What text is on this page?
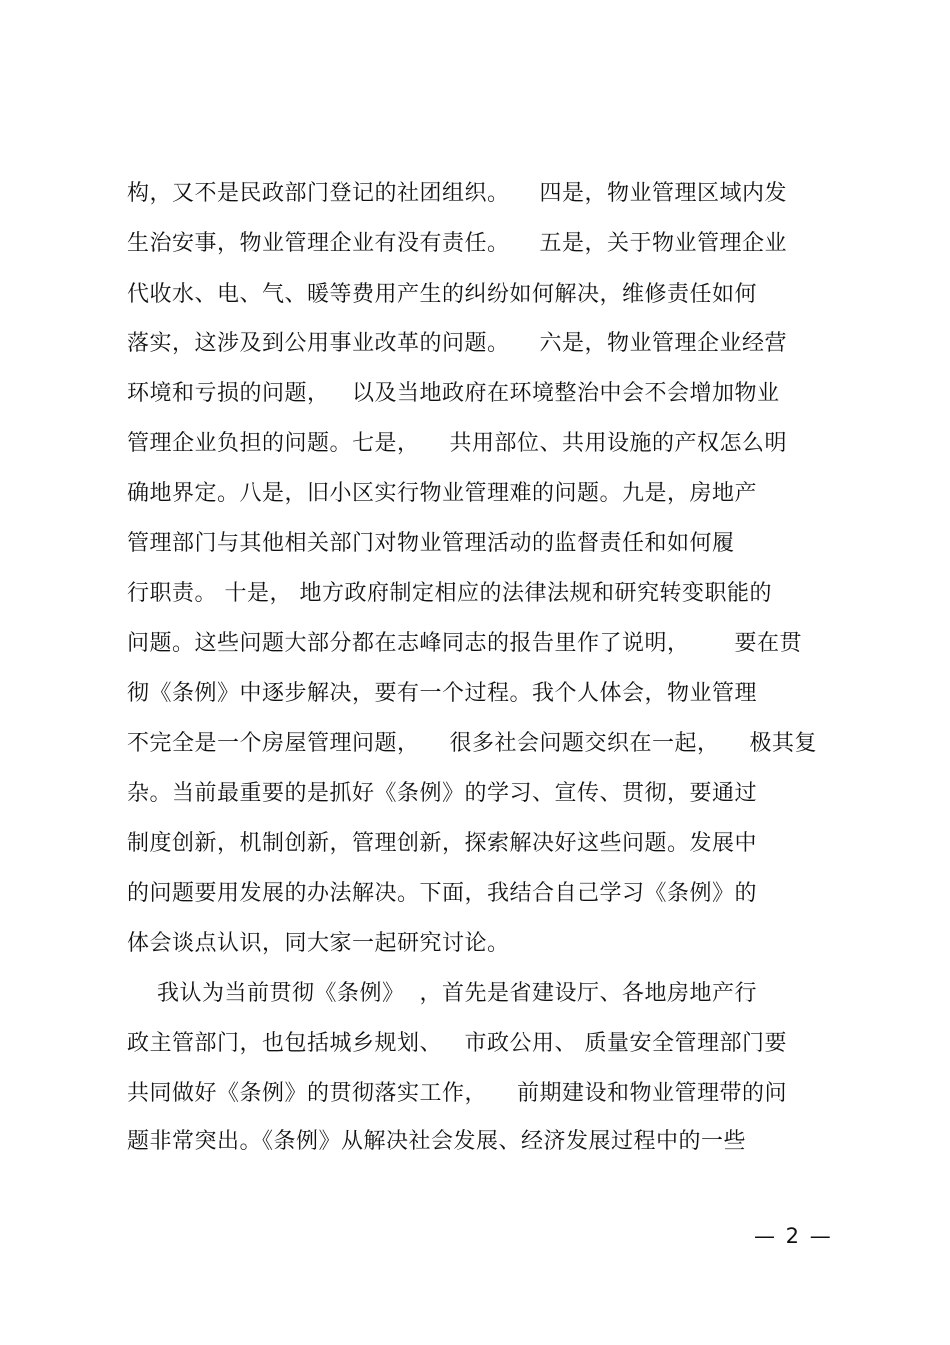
构，又不是民政部门登记的社团组织。    四是，物业管理区域内发
生治安事，物业管理企业有没有责任。    五是，关于物业管理企业
代收水、电、气、暖等费用产生的纠纷如何解决，维修责任如何
落实，这涉及到公用事业改革的问题。    六是，物业管理企业经营
环境和亏损的问题，   以及当地政府在环境整治中会不会增加物业
管理企业负担的问题。七是，    共用部位、共用设施的产权怎么明
确地界定。八是，旧小区实行物业管理难的问题。九是，房地产
管理部门与其他相关部门对物业管理活动的监督责任和如何履
行职责。 十是， 地方政府制定相应的法律法规和研究转变职能的
问题。这些问题大部分都在志峰同志的报告里作了说明，      要在贯
彻《条例》中逐步解决，要有一个过程。我个人体会，物业管理
不完全是一个房屋管理问题，    很多社会问题交织在一起，    极其复
杂。当前最重要的是抓好《条例》的学习、宣传、贯彻，要通过
制度创新，机制创新，管理创新，探索解决好这些问题。发展中
的问题要用发展的办法解决。下面，我结合自己学习《条例》的
体会谈点认识，同大家一起研究讨论。
我认为当前贯彻《条例》  ，首先是省建设厅、各地房地产行
政主管部门，也包括城乡规划、   市政公用、 质量安全管理部门要
共同做好《条例》的贯彻落实工作，    前期建设和物业管理带的问
题非常突出。《条例》从解决社会发展、经济发展过程中的一些
— 2 —
